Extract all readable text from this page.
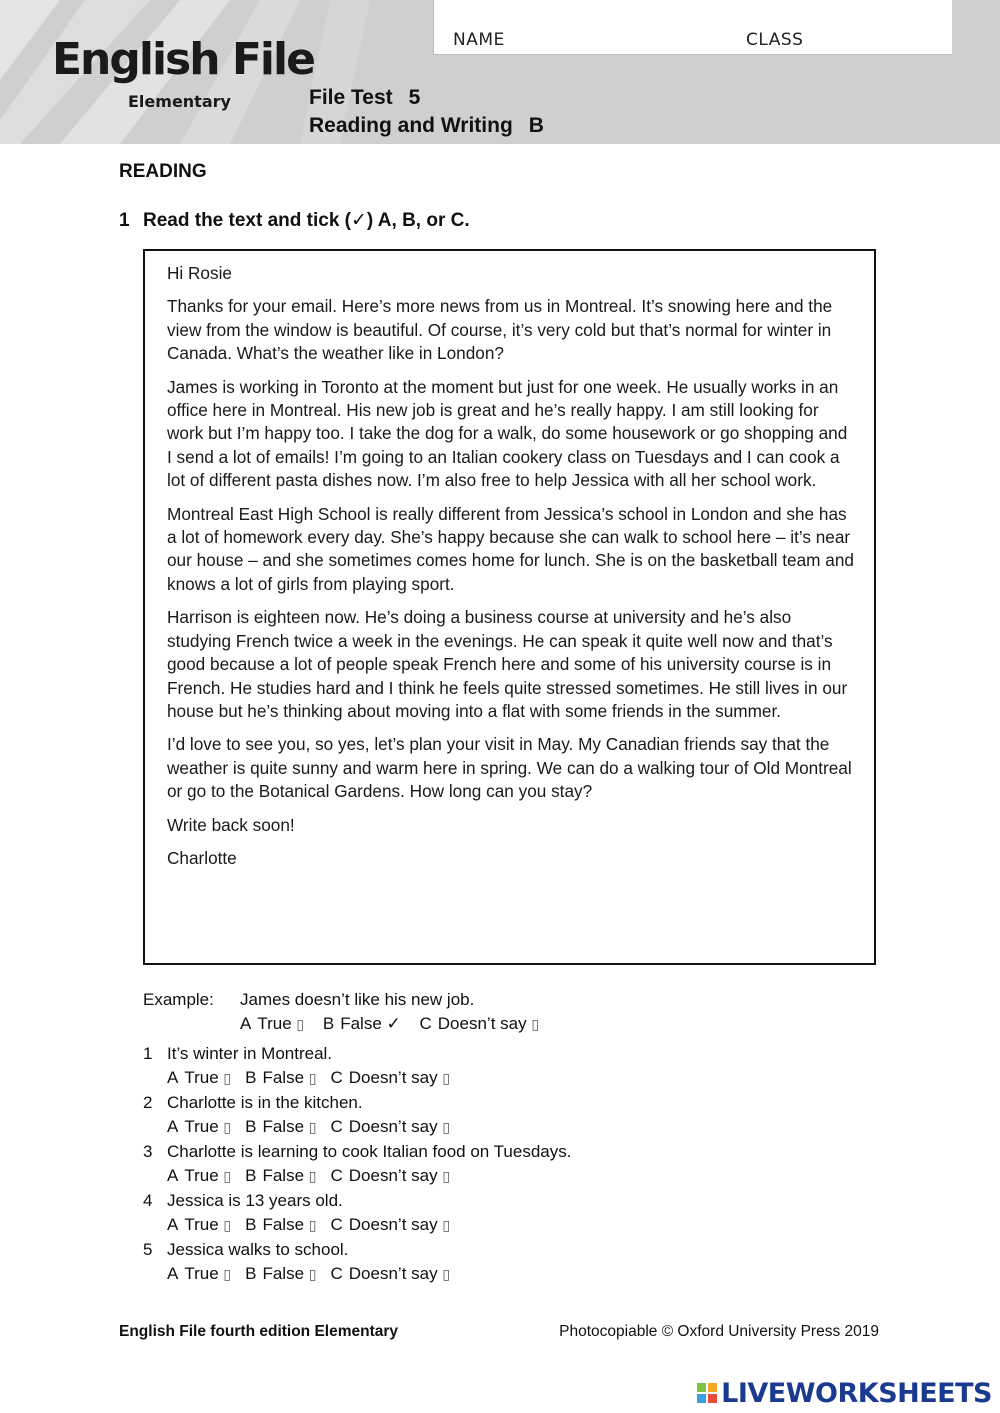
NAME	CLASS
English File
Elementary	File Test 5
Reading and Writing B
READING
1 Read the text and tick (✓) A, B, or C.

Hi Rosie

Thanks for your email. Here’s more news from us in Montreal. It’s snowing here and the view from the window is beautiful. Of course, it’s very cold but that’s normal for winter in Canada. What’s the weather like in London?

James is working in Toronto at the moment but just for one week. He usually works in an office here in Montreal. His new job is great and he’s really happy. I am still looking for work but I’m happy too. I take the dog for a walk, do some housework or go shopping and I send a lot of emails! I’m going to an Italian cookery class on Tuesdays and I can cook a lot of different pasta dishes now. I’m also free to help Jessica with all her school work.

Montreal East High School is really different from Jessica’s school in London and she has a lot of homework every day. She’s happy because she can walk to school here – it’s near our house – and she sometimes comes home for lunch. She is on the basketball team and knows a lot of girls from playing sport.

Harrison is eighteen now. He’s doing a business course at university and he’s also studying French twice a week in the evenings. He can speak it quite well now and that’s good because a lot of people speak French here and some of his university course is in French. He studies hard and I think he feels quite stressed sometimes. He still lives in our house but he’s thinking about moving into a flat with some friends in the summer.

I’d love to see you, so yes, let’s plan your visit in May. My Canadian friends say that the weather is quite sunny and warm here in spring. We can do a walking tour of Old Montreal or go to the Botanical Gardens. How long can you stay?

Write back soon!

Charlotte

Example: James doesn’t like his new job.
A True ▯ B False ✓ C Doesn’t say ▯
1 It’s winter in Montreal.
A True ▯ B False ▯ C Doesn’t say ▯
2 Charlotte is in the kitchen.
A True ▯ B False ▯ C Doesn’t say ▯
3 Charlotte is learning to cook Italian food on Tuesdays.
A True ▯ B False ▯ C Doesn’t say ▯
4 Jessica is 13 years old.
A True ▯ B False ▯ C Doesn’t say ▯
5 Jessica walks to school.
A True ▯ B False ▯ C Doesn’t say ▯
English File fourth edition Elementary	Photocopiable © Oxford University Press 2019
LIVEWORKSHEETS
